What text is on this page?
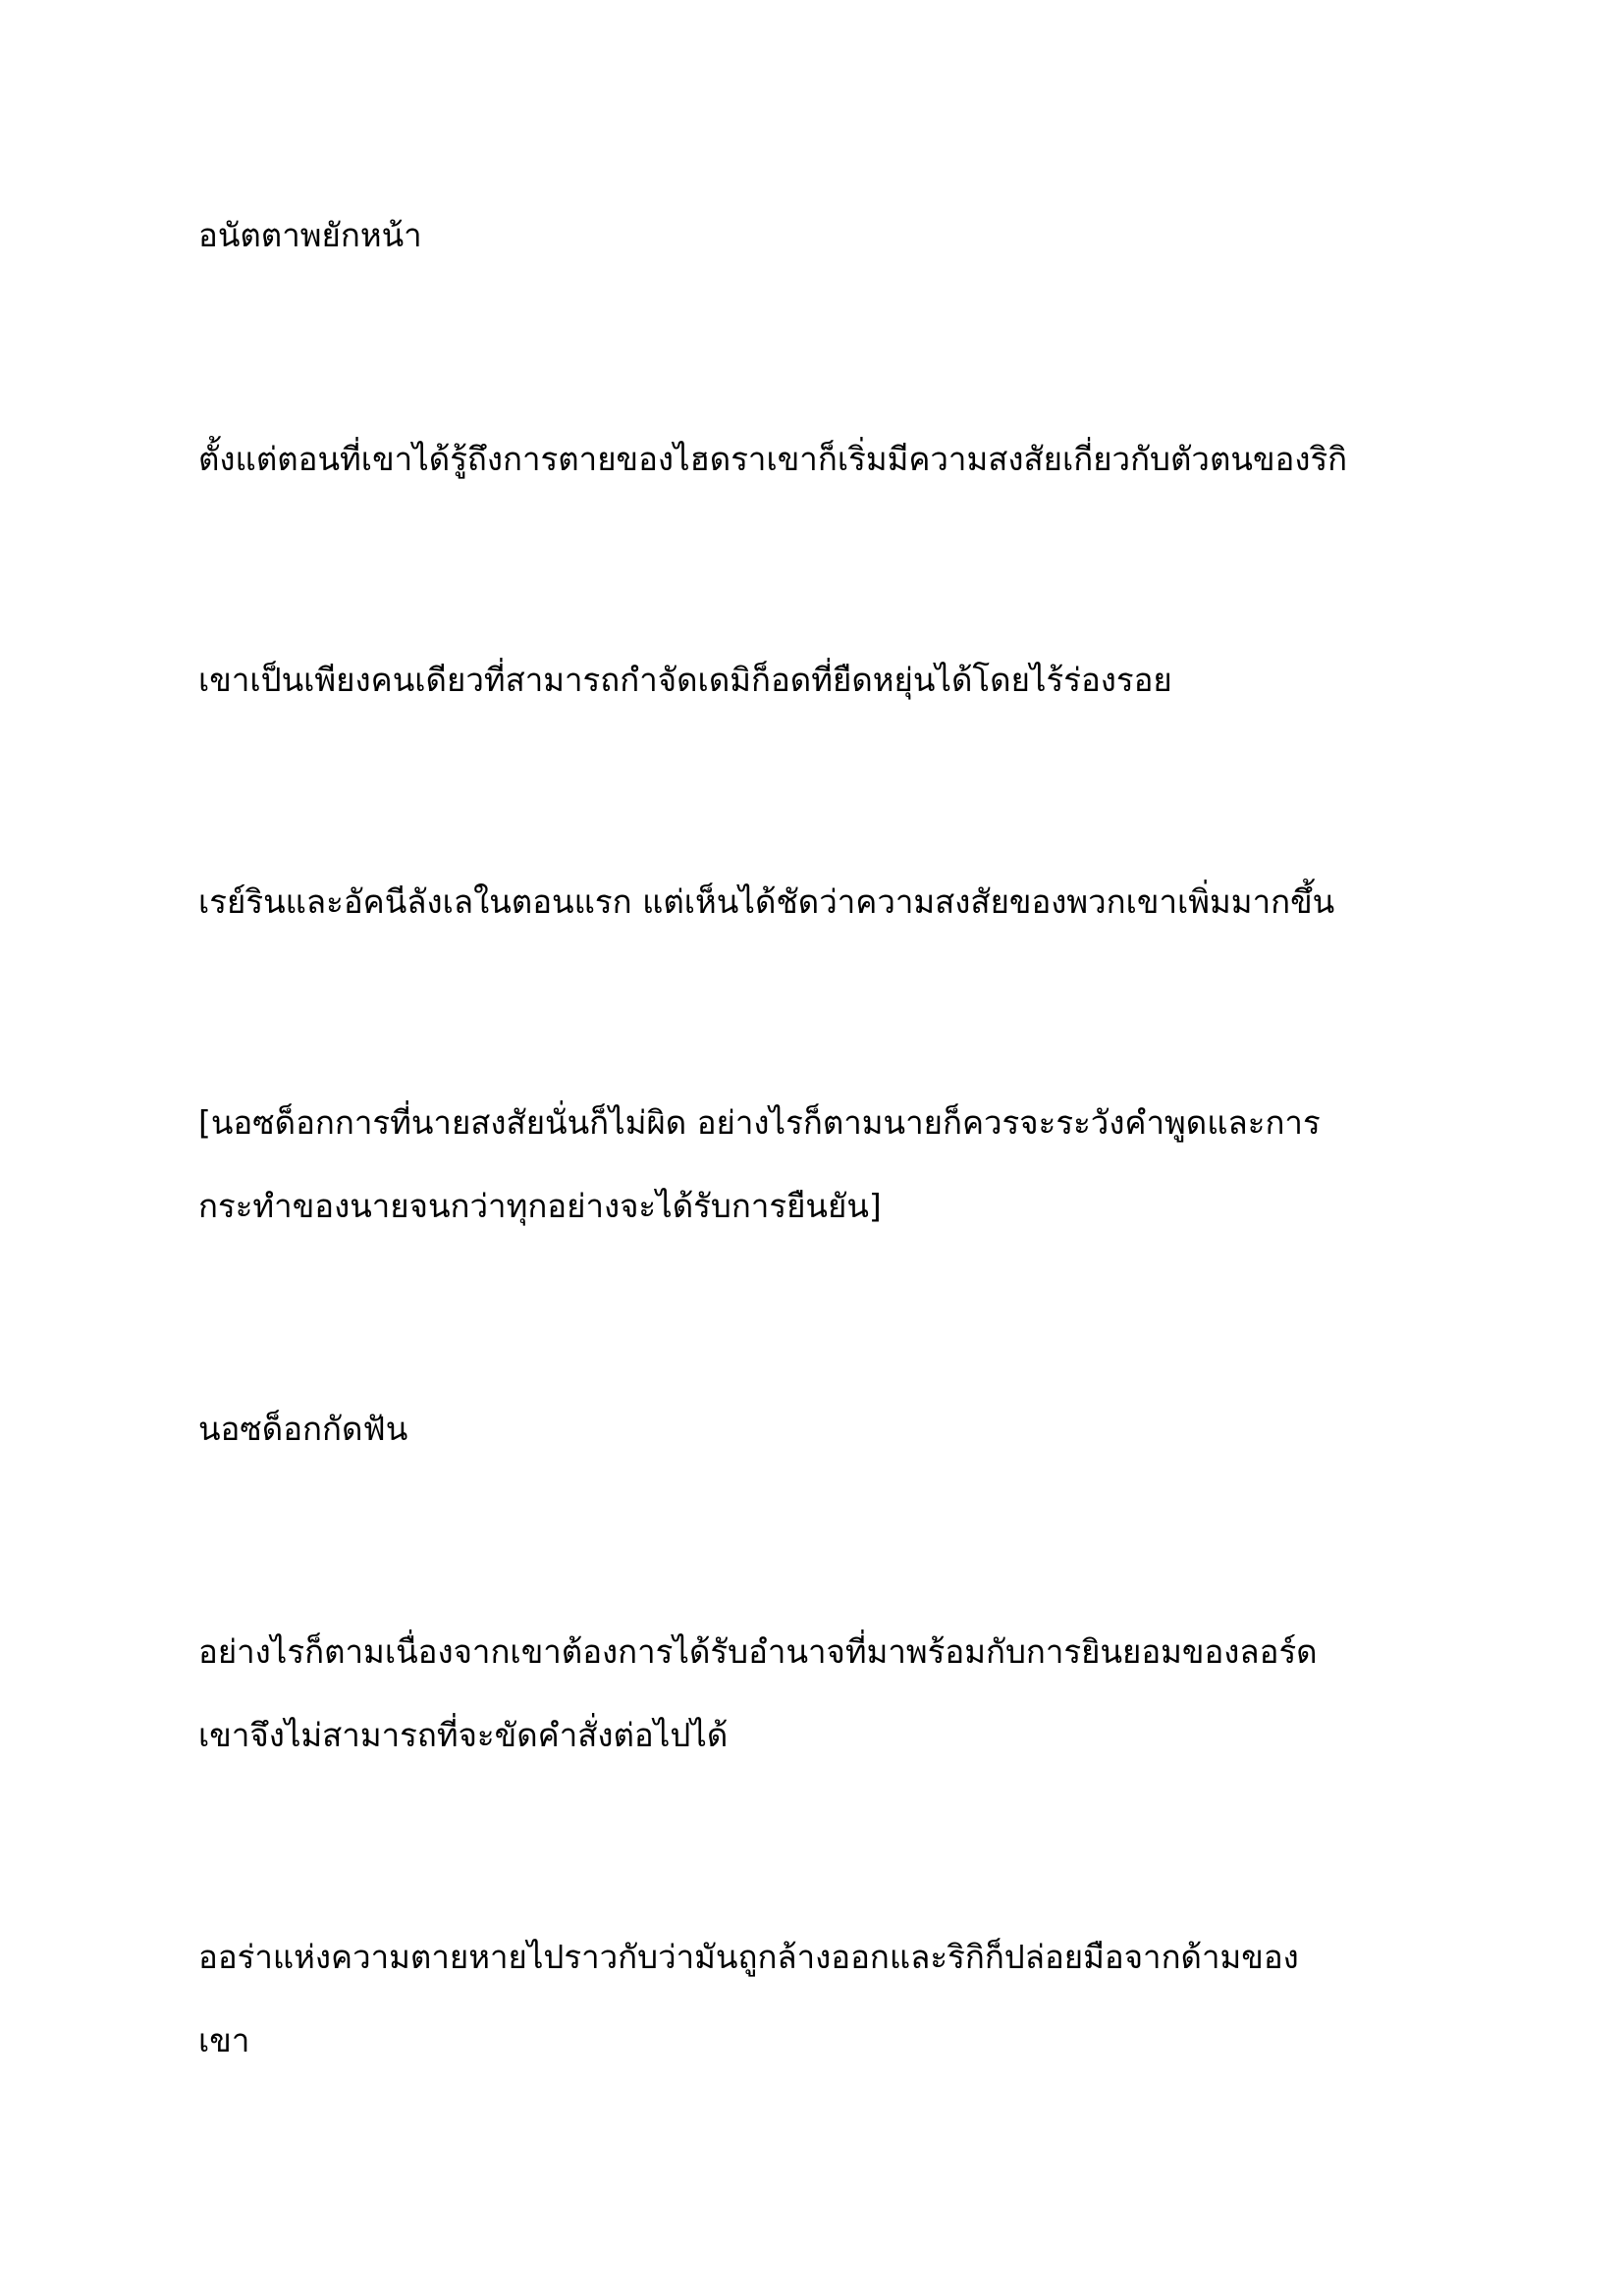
อนัตตาพยักหน้า

ตั้งแต่ตอนที่เขาได้รู้ถึงการตายของไฮดราเขาก็เริ่มมีความสงสัยเกี่ยวกับตัวตนของริกิ

เขาเป็นเพียงคนเดียวที่สามารถกำจัดเดมิก็อดที่ยืดหยุ่นได้โดยไร้ร่องรอย

เรย์รินและอัคนีลังเลในตอนแรก แต่เห็นได้ชัดว่าความสงสัยของพวกเขาเพิ่มมากขึ้น

[นอซด็อกการที่นายสงสัยนั่นก็ไม่ผิด อย่างไรก็ตามนายก็ควรจะระวังคำพูดและการ
กระทำของนายจนกว่าทุกอย่างจะได้รับการยืนยัน]

นอซด็อกกัดฟัน

อย่างไรก็ตามเนื่องจากเขาต้องการได้รับอำนาจที่มาพร้อมกับการยินยอมของลอร์ด
เขาจึงไม่สามารถที่จะขัดคำสั่งต่อไปได้

ออร่าแห่งความตายหายไปราวกับว่ามันถูกล้างออกและริกิก็ปล่อยมือจากด้ามของ
เขา
